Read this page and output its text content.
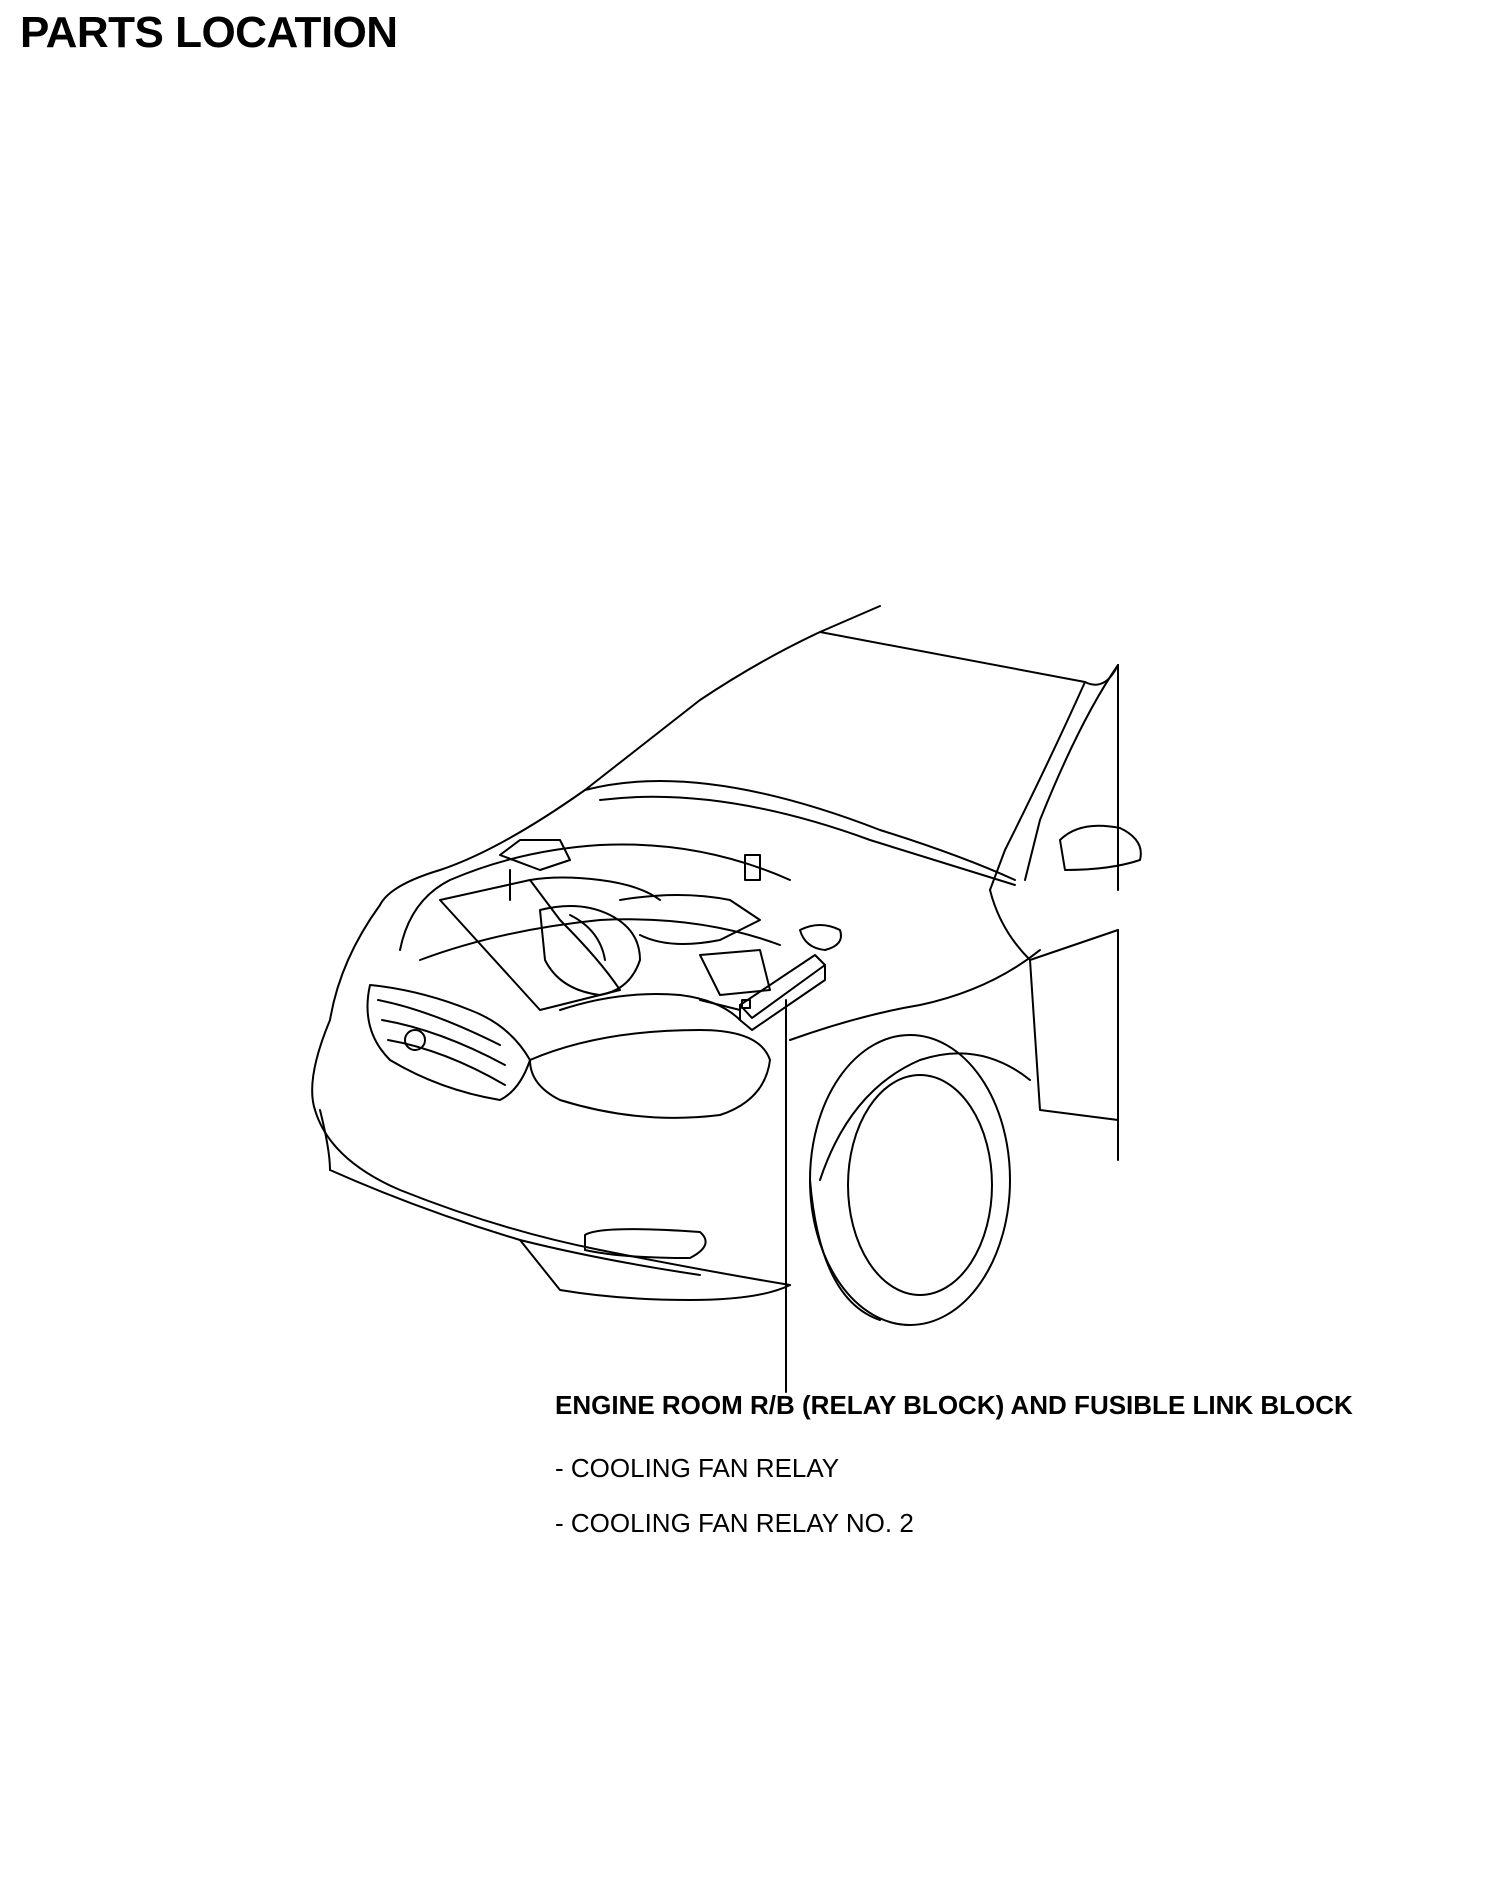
PARTS LOCATION

ENGINE ROOM R/B (RELAY BLOCK) AND FUSIBLE LINK BLOCK

- COOLING FAN RELAY

- COOLING FAN RELAY NO. 2
